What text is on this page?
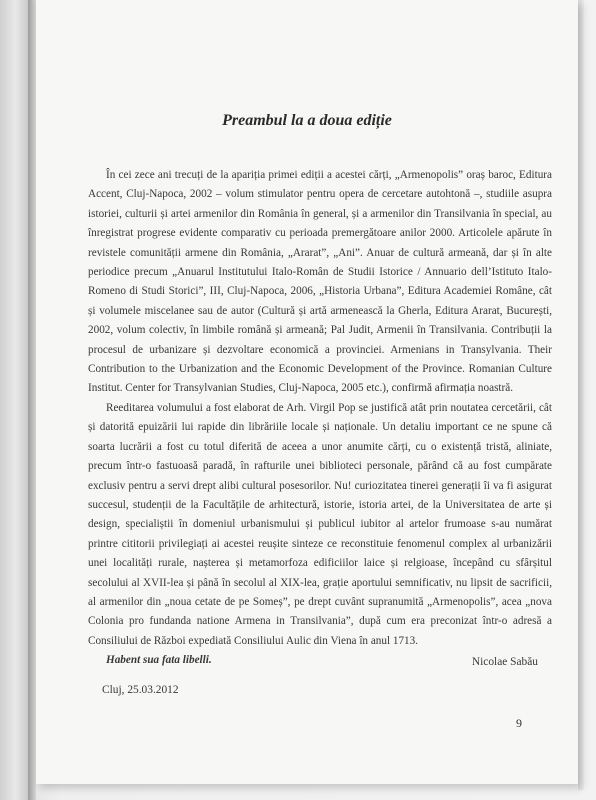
Preambul la a doua ediție

În cei zece ani trecuți de la apariția primei ediții a acestei cărți, „Armenopolis” oraș baroc, Editura Accent, Cluj-Napoca, 2002 – volum stimulator pentru opera de cercetare autohtonă –, studiile asupra istoriei, culturii și artei armenilor din România în general, și a armenilor din Transilvania în special, au înregistrat progrese evidente comparativ cu perioada premergătoare anilor 2000. Articolele apărute în revistele comunității armene din România, „Ararat”, „Ani”. Anuar de cultură armeană, dar și în alte periodice precum „Anuarul Institutului Italo-Român de Studii Istorice / Annuario dell’Istituto Italo-Romeno di Studi Storici”, III, Cluj-Napoca, 2006, „Historia Urbana”, Editura Academiei Române, cât și volumele miscelanee sau de autor (Cultură și artă armenească la Gherla, Editura Ararat, București, 2002, volum colectiv, în limbile română și armeană; Pal Judit, Armenii în Transilvania. Contribuții la procesul de urbanizare și dezvoltare economică a provinciei. Armenians in Transylvania. Their Contribution to the Urbanization and the Economic Development of the Province. Romanian Culture Institut. Center for Transylvanian Studies, Cluj-Napoca, 2005 etc.), confirmă afirmația noastră.

Reeditarea volumului a fost elaborat de Arh. Virgil Pop se justifică atât prin noutatea cercetării, cât și datorită epuizării lui rapide din librăriile locale și naționale. Un detaliu important ce ne spune că soarta lucrării a fost cu totul diferită de aceea a unor anumite cărți, cu o existență tristă, aliniate, precum într-o fastuoasă paradă, în rafturile unei biblioteci personale, părând că au fost cumpărate exclusiv pentru a servi drept alibi cultural posesorilor. Nu! curiozitatea tinerei generații îi va fi asigurat succesul, studenții de la Facultățile de arhitectură, istorie, istoria artei, de la Universitatea de arte și design, specialiștii în domeniul urbanismului și publicul iubitor al artelor frumoase s-au numărat printre cititorii privilegiați ai acestei reușite sinteze ce reconstituie fenomenul complex al urbanizării unei localități rurale, nașterea și metamorfoza edificiilor laice și relgioase, începând cu sfârșitul secolului al XVII-lea și până în secolul al XIX-lea, grație aportului semnificativ, nu lipsit de sacrificii, al armenilor din „noua cetate de pe Someș”, pe drept cuvânt supranumită „Armenopolis”, acea „nova Colonia pro fundanda natione Armena in Transilvania”, după cum era preconizat într-o adresă a Consiliului de Război expediată Consiliului Aulic din Viena în anul 1713.

Habent sua fata libelli.	Nicolae Sabău
Cluj, 25.03.2012
9
